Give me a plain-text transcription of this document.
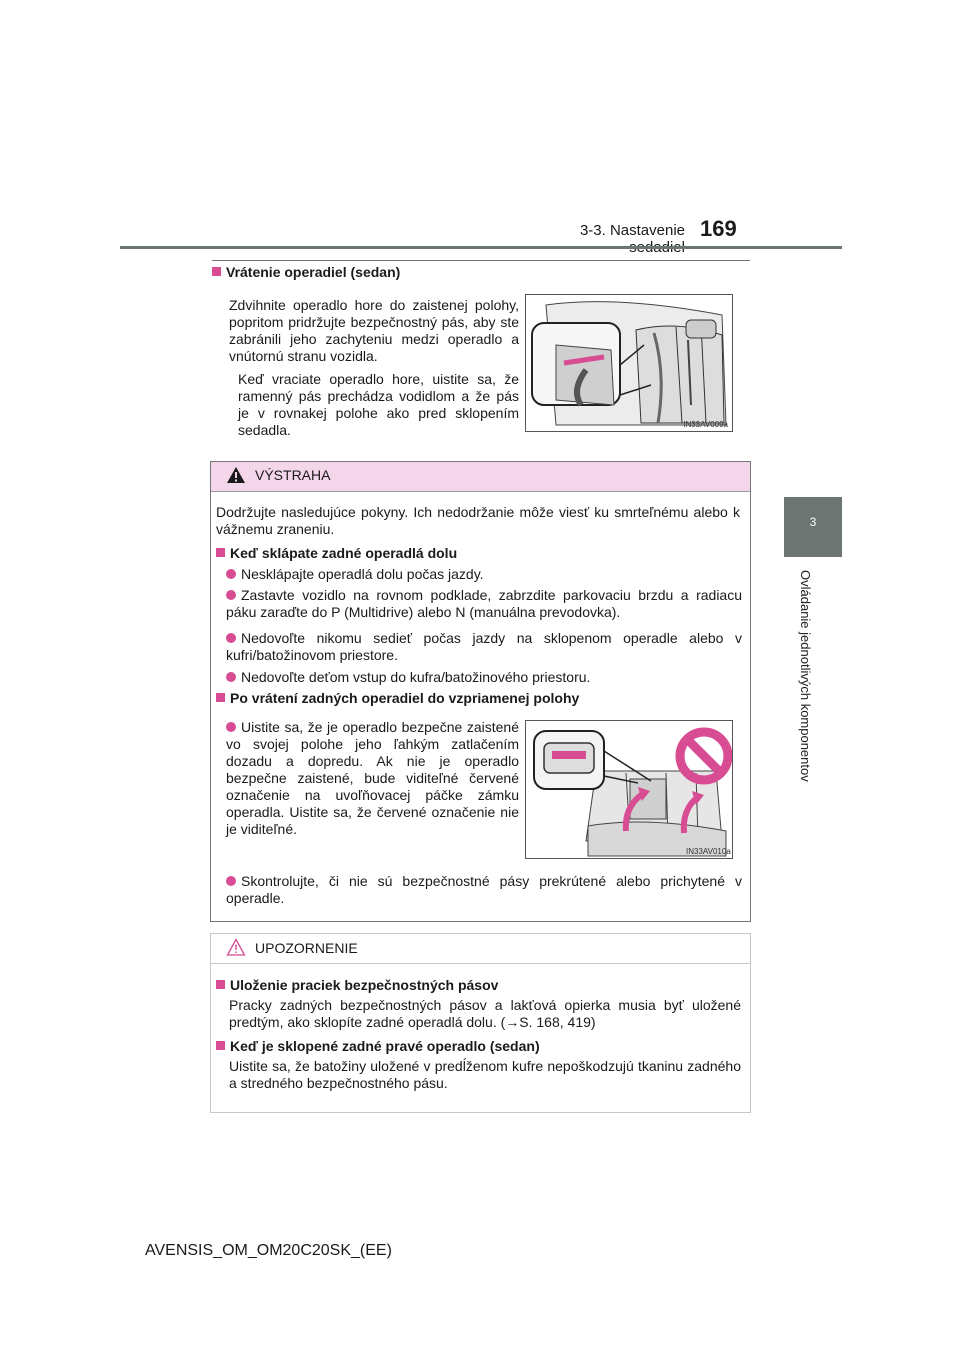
3-3. Nastavenie 169
3
Ovládanie jednotlivých komponentov
Vrátenie operadiel (sedan)
Zdvihnite operadlo hore do zaistenej polohy, popritom pridržujte bezpečnostný pás, aby ste zabránili jeho zachyteniu medzi operadlo a vnútornú stranu vozidla.
Keď vraciate operadlo hore, uistite sa, že ramenný pás prechádza vodidlom a že pás je v rovnakej polohe ako pred sklopením sedadla.	IN33AV009a
VÝSTRAHA
Dodržujte nasledujúce pokyny. Ich nedodržanie môže viesť ku smrteľnému alebo k vážnemu zraneniu.
Keď sklápate zadné operadlá dolu
Nesklápajte operadlá dolu počas jazdy.
Zastavte vozidlo na rovnom podklade, zabrzdite parkovaciu brzdu a radiacu páku zaraďte do P (Multidrive) alebo N (manuálna prevodovka).
Nedovoľte nikomu sedieť počas jazdy na sklopenom operadle alebo v kufri/batožinovom priestore.
Nedovoľte deťom vstup do kufra/batožinového priestoru.
Po vrátení zadných operadiel do vzpriamenej polohy
Uistite sa, že je operadlo bezpečne zaistené vo svojej polohe jeho ľahkým zatlačením dozadu a dopredu. Ak nie je operadlo bezpečne zaistené, bude viditeľné červené označenie na uvoľňovacej páčke zámku operadla. Uistite sa, že červené označenie nie je viditeľné.
IN33AV010a
Skontrolujte, či nie sú bezpečnostné pásy prekrútené alebo prichytené v operadle.
UPOZORNENIE
Uloženie praciek bezpečnostných pásov
Pracky zadných bezpečnostných pásov a lakťová opierka musia byť uložené predtým, ako sklopíte zadné operadlá dolu. (→S. 168, 419)
Keď je sklopené zadné pravé operadlo (sedan)
Uistite sa, že batožiny uložené v predĺženom kufre nepoškodzujú tkaninu zadného a stredného bezpečnostného pásu.
AVENSIS_OM_OM20C20SK_(EE)
